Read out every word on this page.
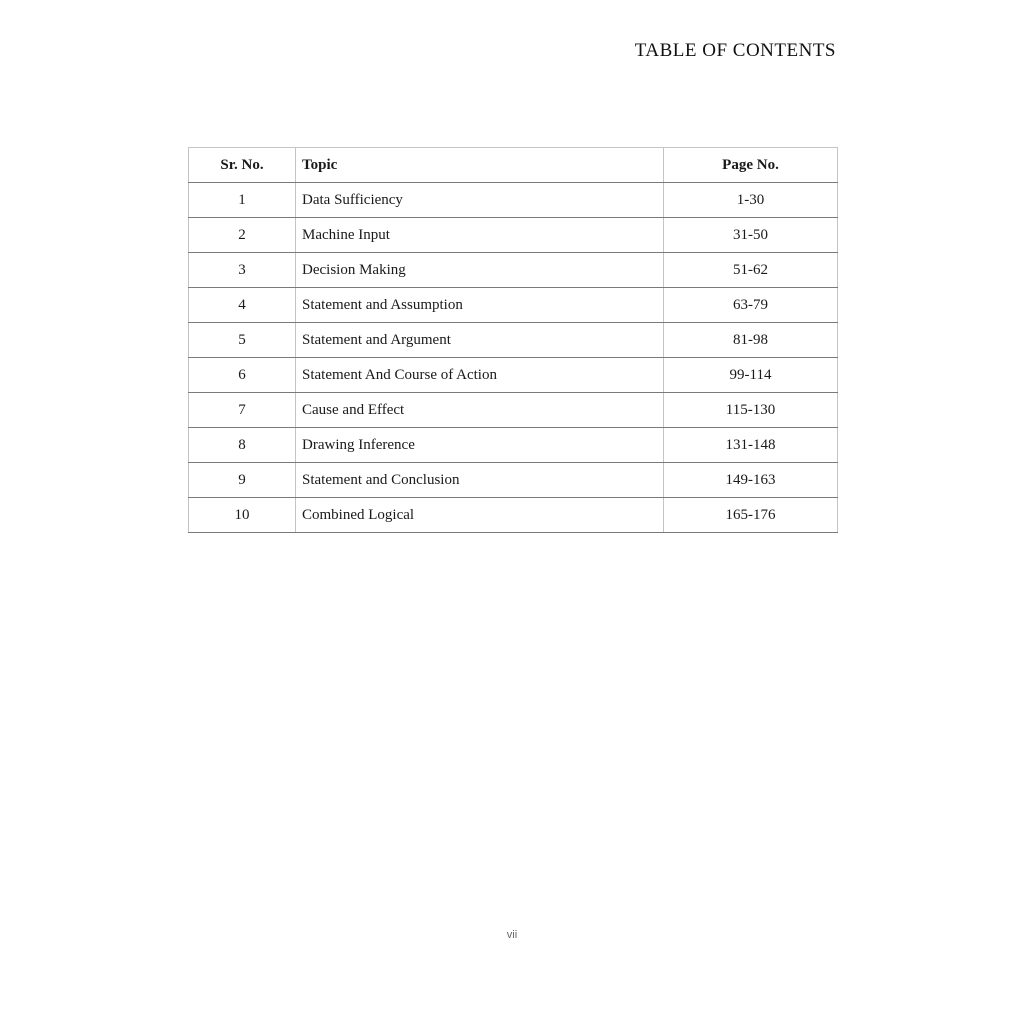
TABLE OF CONTENTS
Sr. No.	Topic	Page No.
1	Data Sufficiency	1-30
2	Machine Input	31-50
3	Decision Making	51-62
4	Statement and Assumption	63-79
5	Statement and Argument	81-98
6	Statement And Course of Action	99-114
7	Cause and Effect	115-130
8	Drawing Inference	131-148
9	Statement and Conclusion	149-163
10	Combined Logical	165-176
vii
